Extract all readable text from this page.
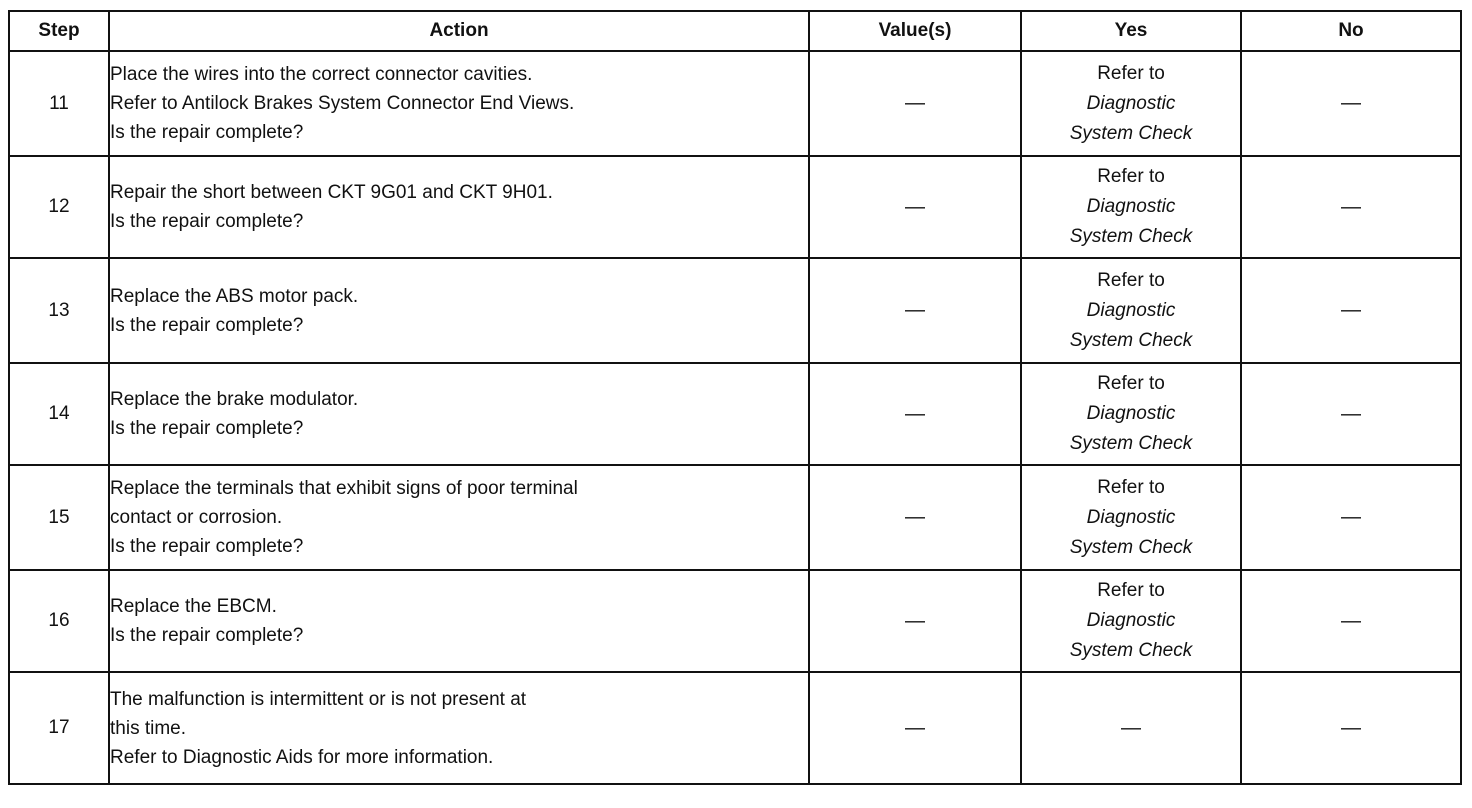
Step	Action	Value(s)	Yes	No
11	Place the wires into the correct connector cavities.
Refer to Antilock Brakes System Connector End Views.
Is the repair complete?	—	Refer to
Diagnostic
System Check	—
12	Repair the short between CKT 9G01 and CKT 9H01.
Is the repair complete?	—	Refer to
Diagnostic
System Check	—
13	Replace the ABS motor pack.
Is the repair complete?	—	Refer to
Diagnostic
System Check	—
14	Replace the brake modulator.
Is the repair complete?	—	Refer to
Diagnostic
System Check	—
15	Replace the terminals that exhibit signs of poor terminal
contact or corrosion.
Is the repair complete?	—	Refer to
Diagnostic
System Check	—
16	Replace the EBCM.
Is the repair complete?	—	Refer to
Diagnostic
System Check	—
17	The malfunction is intermittent or is not present at
this time.
Refer to Diagnostic Aids for more information.	—	—	—
